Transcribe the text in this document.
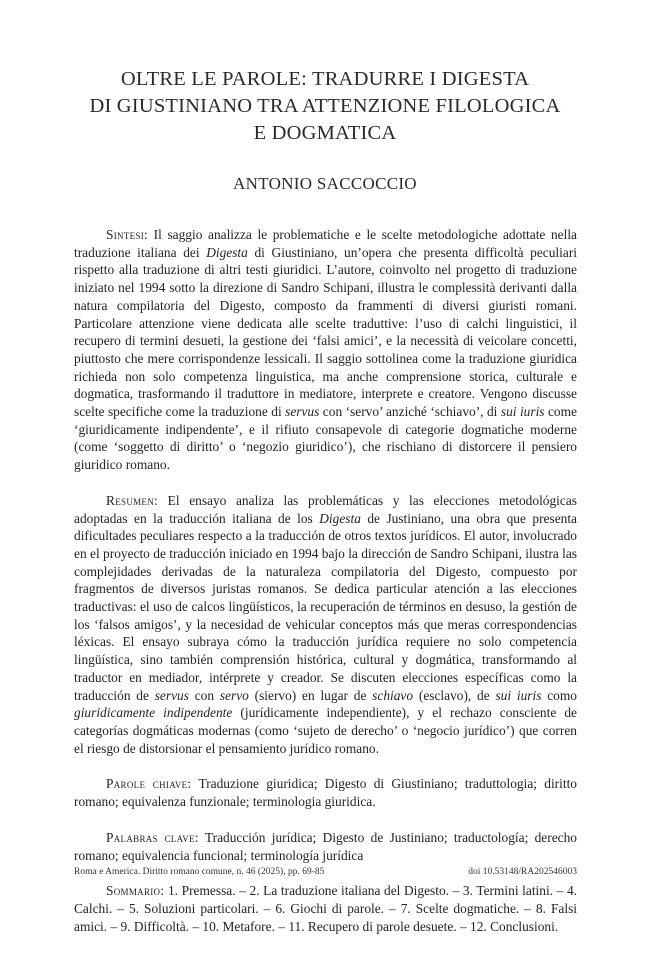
OLTRE LE PAROLE: TRADURRE I DIGESTA
DI GIUSTINIANO TRA ATTENZIONE FILOLOGICA
E DOGMATICA
ANTONIO SACCOCCIO

Sintesi: Il saggio analizza le problematiche e le scelte metodologiche adottate nella traduzione italiana dei Digesta di Giustiniano, un’opera che presenta difficoltà peculiari rispetto alla traduzione di altri testi giuridici. L’autore, coinvolto nel progetto di traduzione iniziato nel 1994 sotto la direzione di Sandro Schipani, illustra le complessità derivanti dalla natura compilatoria del Digesto, composto da frammenti di diversi giuristi romani. Particolare attenzione viene dedicata alle scelte traduttive: l’uso di calchi linguistici, il recupero di termini desueti, la gestione dei ‘falsi amici’, e la necessità di veicolare concetti, piuttosto che mere corrispondenze lessicali. Il saggio sottolinea come la traduzione giuridica richieda non solo competenza linguistica, ma anche comprensione storica, culturale e dogmatica, trasformando il traduttore in mediatore, interprete e creatore. Vengono discusse scelte specifiche come la traduzione di servus con ‘servo’ anziché ‘schiavo’, di sui iuris come ‘giuridicamente indipendente’, e il rifiuto consapevole di categorie dogmatiche moderne (come ‘soggetto di diritto’ o ‘negozio giuridico’), che rischiano di distorcere il pensiero giuridico romano.

Resumen: El ensayo analiza las problemáticas y las elecciones metodológicas adoptadas en la traducción italiana de los Digesta de Justiniano, una obra que presenta dificultades peculiares respecto a la traducción de otros textos jurídicos. El autor, involucrado en el proyecto de traducción iniciado en 1994 bajo la dirección de Sandro Schipani, ilustra las complejidades derivadas de la naturaleza compilatoria del Digesto, compuesto por fragmentos de diversos juristas romanos. Se dedica particular atención a las elecciones traductivas: el uso de calcos lingüísticos, la recuperación de términos en desuso, la gestión de los ‘falsos amigos’, y la necesidad de vehicular conceptos más que meras correspondencias léxicas. El ensayo subraya cómo la traducción jurídica requiere no solo competencia lingüística, sino también comprensión histórica, cultural y dogmática, transformando al traductor en mediador, intérprete y creador. Se discuten elecciones específicas como la traducción de servus con servo (siervo) en lugar de schiavo (esclavo), de sui iuris como giuridicamente indipendente (jurídicamente independiente), y el rechazo consciente de categorías dogmáticas modernas (como ‘sujeto de derecho’ o ‘negocio jurídico’) que corren el riesgo de distorsionar el pensamiento jurídico romano.

Parole chiave: Traduzione giuridica; Digesto di Giustiniano; traduttologia; diritto romano; equivalenza funzionale; terminologia giuridica.

Palabras clave: Traducción jurídica; Digesto de Justiniano; traductología; derecho romano; equivalencia funcional; terminología jurídica

Sommario: 1. Premessa. – 2. La traduzione italiana del Digesto. – 3. Termini latini. – 4. Calchi. – 5. Soluzioni particolari. – 6. Giochi di parole. – 7. Scelte dogmatiche. – 8. Falsi amici. – 9. Difficoltà. – 10. Metafore. – 11. Recupero di parole desuete. – 12. Conclusioni.

Roma e America. Diritto romano comune, n. 46 (2025), pp. 69-85	doi 10.53148/RA202546003
